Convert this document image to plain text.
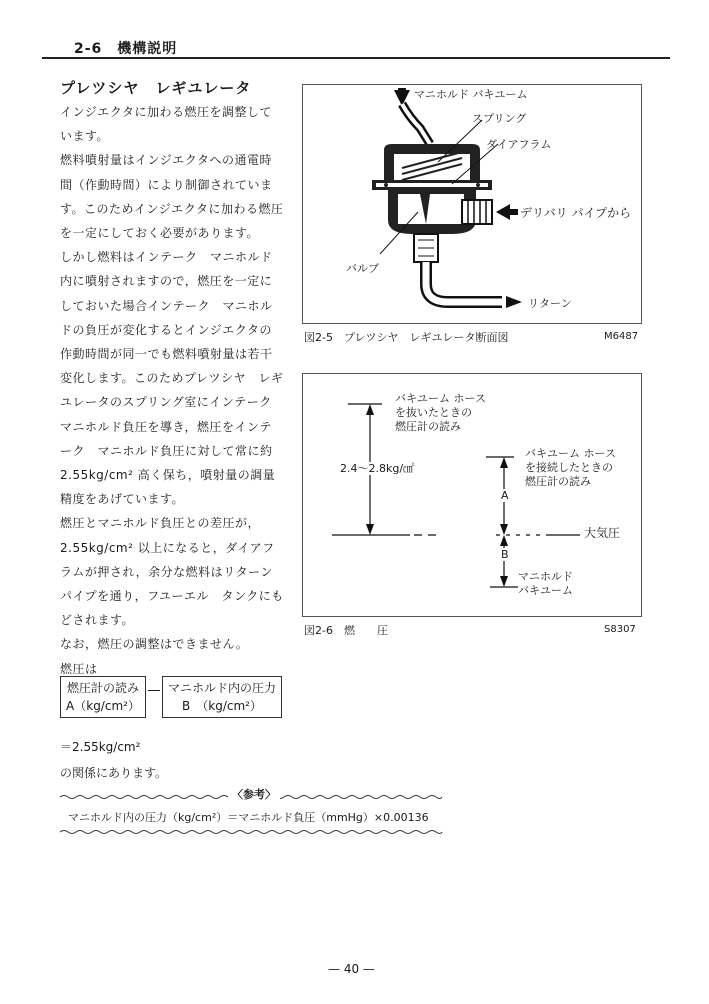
2-6　機構説明
プレツシヤ　レギユレータ

インジエクタに加わる燃圧を調整しています。

燃料噴射量はインジエクタへの通電時間（作動時間）により制御されています。このためインジエクタに加わる燃圧を一定にしておく必要があります。

しかし燃料はインテーク　マニホルド内に噴射されますので，燃圧を一定にしておいた場合インテーク　マニホルドの負圧が変化するとインジエクタの作動時間が同一でも燃料噴射量は若干変化します。このためプレツシヤ　レギユレータのスプリング室にインテーク　マニホルド負圧を導き，燃圧をインテーク　マニホルド負圧に対して常に約2.55kg/cm² 高く保ち，噴射量の調量精度をあげています。

燃圧とマニホルド負圧との差圧が，2.55kg/cm² 以上になると，ダイアフラムが押され，余分な燃料はリターンパイプを通り，フユーエル　タンクにもどされます。

なお，燃圧の調整はできません。

燃圧は

燃圧計の読み
A（kg/cm²）
マニホルド内の圧力
B　（kg/cm²）
＝2.55kg/cm²
の関係にあります。
〈参考〉
マニホルド内の圧力（kg/cm²）＝マニホルド負圧（mmHg）×0.00136
マニホルド バキユーム
スプリング
ダイアフラム
デリバリ パイプから
バルブ
リターン
図2-5　プレツシヤ　レギユレータ断面図	M6487
バキユーム ホース
を抜いたときの
燃圧計の読み
バキユーム ホース
を接続したときの
燃圧計の読み
2.4〜2.8kg/㎠
A
B
大気圧
マニホルド
バキユーム
図2-6　燃　　圧	S8307
— 40 —
